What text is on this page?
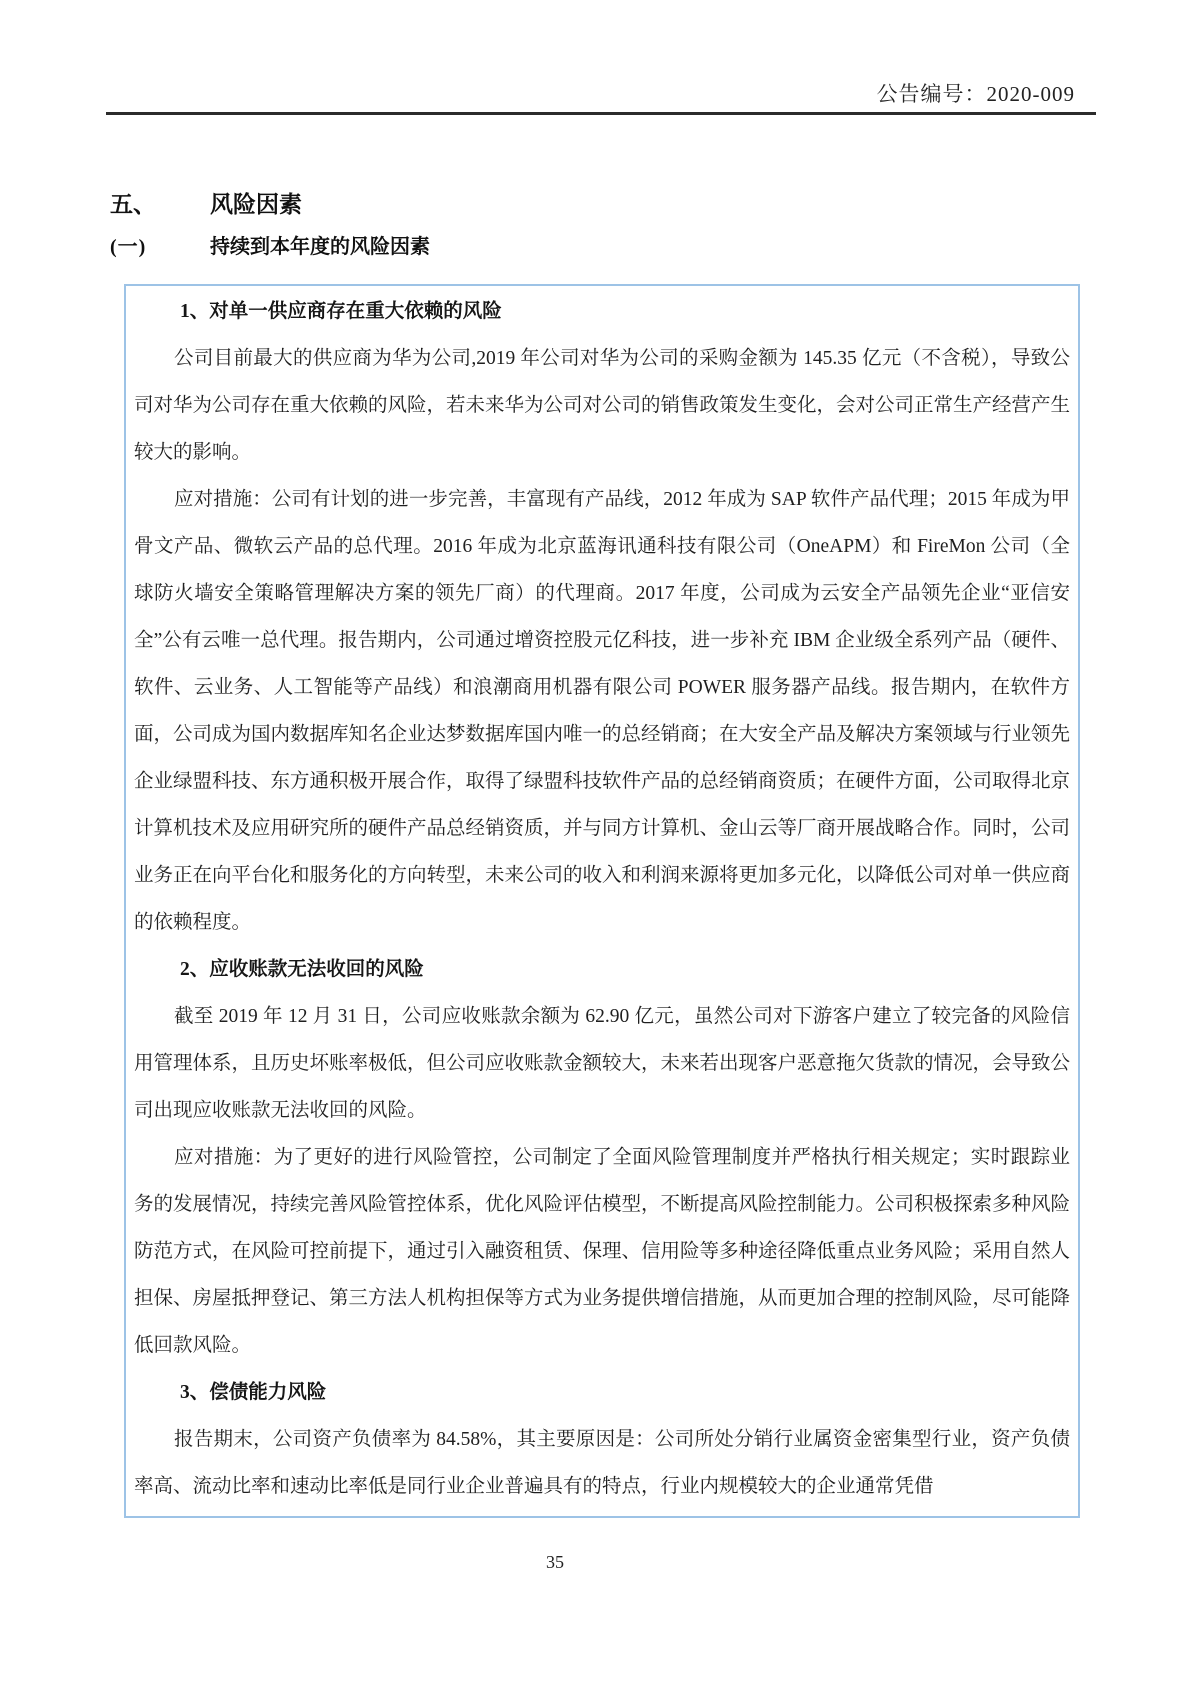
公告编号：2020-009
五、 风险因素
(一)	持续到本年度的风险因素
1、对单一供应商存在重大依赖的风险

公司目前最大的供应商为华为公司,2019 年公司对华为公司的采购金额为 145.35 亿元（不含税），导致公司对华为公司存在重大依赖的风险，若未来华为公司对公司的销售政策发生变化，会对公司正常生产经营产生较大的影响。

应对措施：公司有计划的进一步完善，丰富现有产品线，2012 年成为 SAP 软件产品代理；2015 年成为甲骨文产品、微软云产品的总代理。2016 年成为北京蓝海讯通科技有限公司（OneAPM）和 FireMon 公司（全球防火墙安全策略管理解决方案的领先厂商）的代理商。2017 年度，公司成为云安全产品领先企业“亚信安全”公有云唯一总代理。报告期内，公司通过增资控股元亿科技，进一步补充 IBM 企业级全系列产品（硬件、软件、云业务、人工智能等产品线）和浪潮商用机器有限公司 POWER 服务器产品线。报告期内，在软件方面，公司成为国内数据库知名企业达梦数据库国内唯一的总经销商；在大安全产品及解决方案领域与行业领先企业绿盟科技、东方通积极开展合作，取得了绿盟科技软件产品的总经销商资质；在硬件方面，公司取得北京计算机技术及应用研究所的硬件产品总经销资质，并与同方计算机、金山云等厂商开展战略合作。同时，公司业务正在向平台化和服务化的方向转型，未来公司的收入和利润来源将更加多元化，以降低公司对单一供应商的依赖程度。

2、应收账款无法收回的风险

截至 2019 年 12 月 31 日，公司应收账款余额为 62.90 亿元，虽然公司对下游客户建立了较完备的风险信用管理体系，且历史坏账率极低，但公司应收账款金额较大，未来若出现客户恶意拖欠货款的情况，会导致公司出现应收账款无法收回的风险。

应对措施：为了更好的进行风险管控，公司制定了全面风险管理制度并严格执行相关规定；实时跟踪业务的发展情况，持续完善风险管控体系，优化风险评估模型，不断提高风险控制能力。公司积极探索多种风险防范方式，在风险可控前提下，通过引入融资租赁、保理、信用险等多种途径降低重点业务风险；采用自然人担保、房屋抵押登记、第三方法人机构担保等方式为业务提供增信措施，从而更加合理的控制风险，尽可能降低回款风险。

3、偿债能力风险

报告期末，公司资产负债率为 84.58%，其主要原因是：公司所处分销行业属资金密集型行业，资产负债率高、流动比率和速动比率低是同行业企业普遍具有的特点，行业内规模较大的企业通常凭借

35
